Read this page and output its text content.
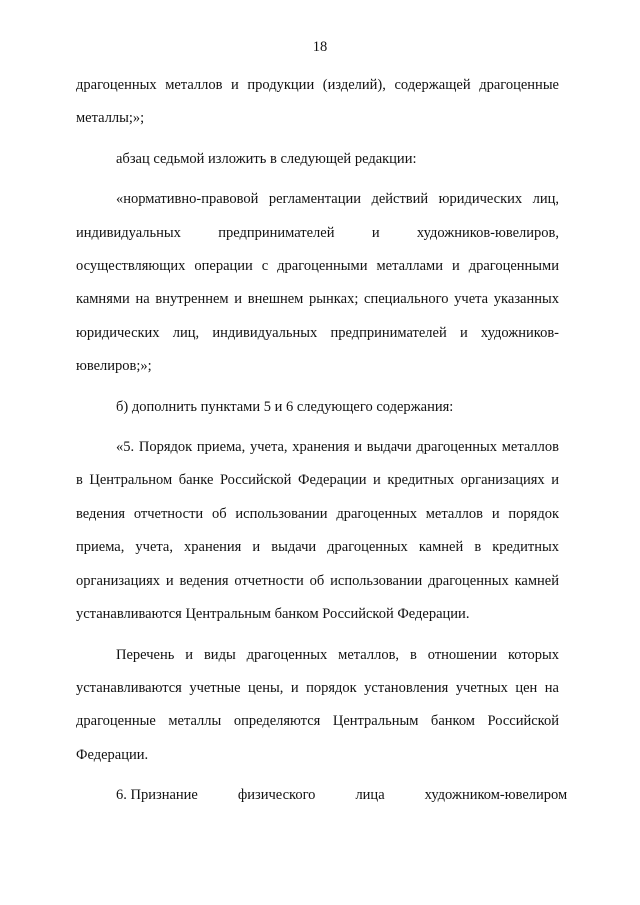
18

драгоценных металлов и продукции (изделий), содержащей драгоценные металлы;»;

абзац седьмой изложить в следующей редакции:

«нормативно-правовой регламентации действий юридических лиц, индивидуальных предпринимателей и художников-ювелиров, осуществляющих операции с драгоценными металлами и драгоценными камнями на внутреннем и внешнем рынках; специального учета указанных юридических лиц, индивидуальных предпринимателей и художников-ювелиров;»;

б) дополнить пунктами 5 и 6 следующего содержания:

«5. Порядок приема, учета, хранения и выдачи драгоценных металлов в Центральном банке Российской Федерации и кредитных организациях и ведения отчетности об использовании драгоценных металлов и порядок приема, учета, хранения и выдачи драгоценных камней в кредитных организациях и ведения отчетности об использовании драгоценных камней устанавливаются Центральным банком Российской Федерации.

Перечень и виды драгоценных металлов, в отношении которых устанавливаются учетные цены, и порядок установления учетных цен на драгоценные металлы определяются Центральным банком Российской Федерации.

6. Признание	физического	лица	художником-ювелиром
